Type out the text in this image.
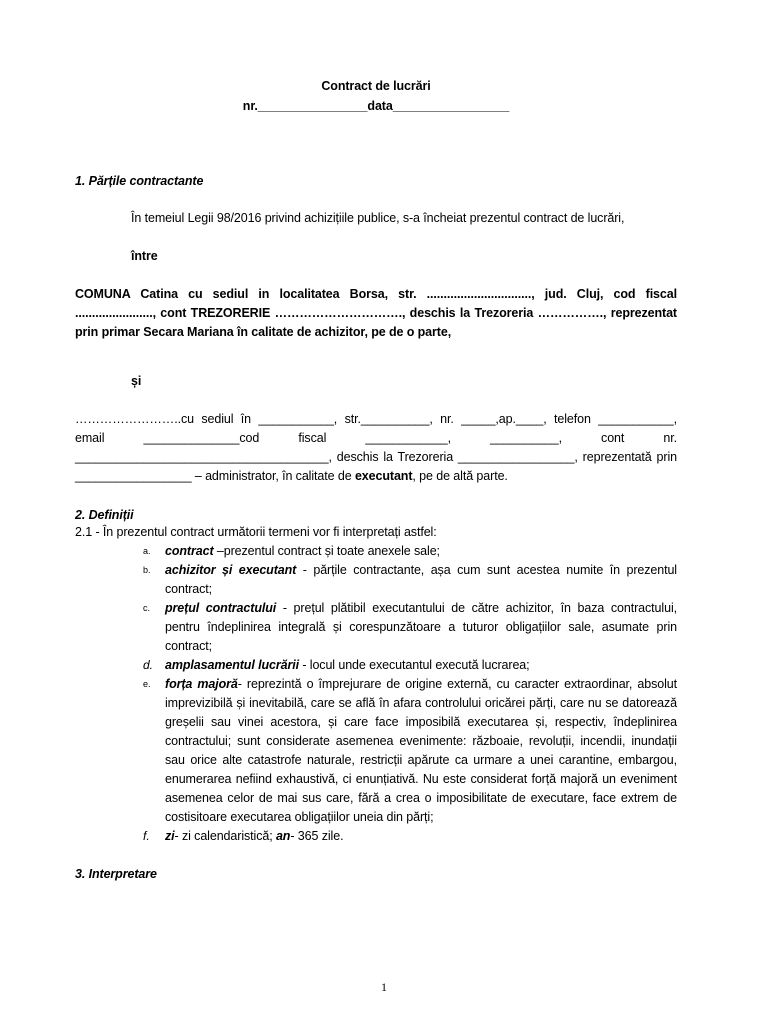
Contract de lucrări

nr.________________data_________________

1. Părțile contractante

În temeiul Legii 98/2016 privind achizițiile publice, s-a încheiat prezentul contract de lucrări,

între

COMUNA Catina cu sediul in localitatea Borsa, str. ..............................., jud. Cluj, cod fiscal ......................., cont TREZORERIE …………………………., deschis la Trezoreria ……………., reprezentat prin primar Secara Mariana în calitate de achizitor, pe de o parte,

și

……………………..cu sediul în ___________, str.__________, nr. _____,ap.____, telefon ___________, email ______________cod fiscal ____________, __________, cont nr. _____________________________________, deschis la Trezoreria _________________, reprezentată prin _________________ – administrator, în calitate de executant, pe de altă parte.

2. Definiții

2.1 - În prezentul contract următorii termeni vor fi interpretați astfel:

a. contract –prezentul contract și toate anexele sale;
b. achizitor și executant - părțile contractante, așa cum sunt acestea numite în prezentul contract;
c. prețul contractului - prețul plătibil executantului de către achizitor, în baza contractului, pentru îndeplinirea integrală și corespunzătoare a tuturor obligațiilor sale, asumate prin contract;
d. amplasamentul lucrării - locul unde executantul execută lucrarea;
e. forța majoră- reprezintă o împrejurare de origine externă, cu caracter extraordinar, absolut imprevizibilă și inevitabilă, care se află în afara controlului oricărei părți, care nu se datorează greșelii sau vinei acestora, și care face imposibilă executarea și, respectiv, îndeplinirea contractului; sunt considerate asemenea evenimente: războaie, revoluții, incendii, inundații sau orice alte catastrofe naturale, restricții apărute ca urmare a unei carantine, embargou, enumerarea nefiind exhaustivă, ci enunțiativă. Nu este considerat forță majoră un eveniment asemenea celor de mai sus care, fără a crea o imposibilitate de executare, face extrem de costisitoare executarea obligațiilor uneia din părți;
f. zi- zi calendaristică; an- 365 zile.

3. Interpretare

1
